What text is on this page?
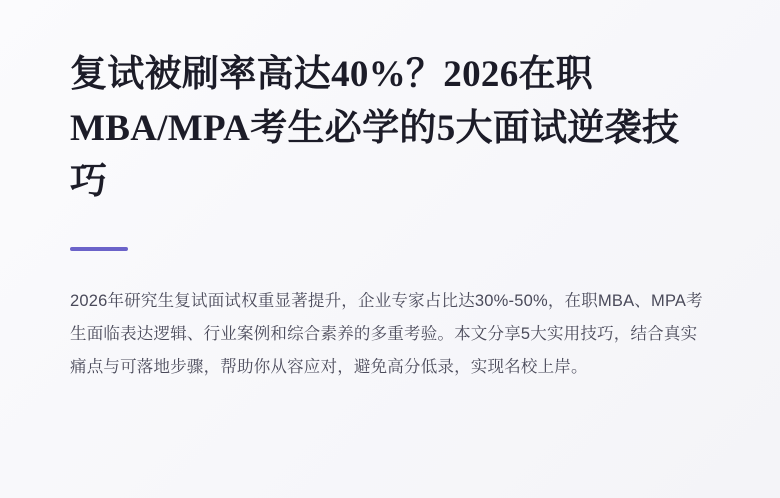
复试被刷率高达40%？2026在职MBA/MPA考生必学的5大面试逆袭技巧

2026年研究生复试面试权重显著提升，企业专家占比达30%-50%，在职MBA、MPA考生面临表达逻辑、行业案例和综合素养的多重考验。本文分享5大实用技巧，结合真实痛点与可落地步骤，帮助你从容应对，避免高分低录，实现名校上岸。
